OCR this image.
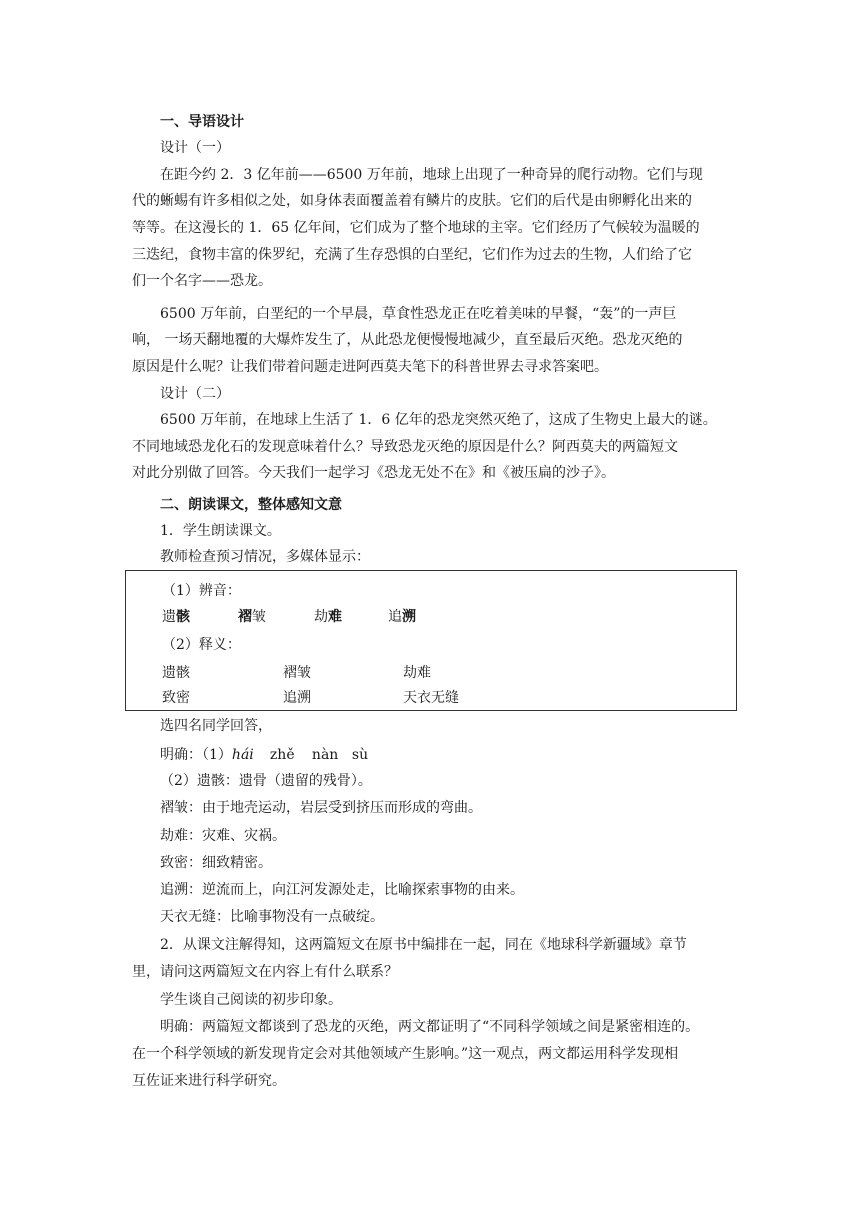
一、导语设计
设计（一）
在距今约 2．3 亿年前——6500 万年前，地球上出现了一种奇异的爬行动物。它们与现
代的蜥蜴有许多相似之处，如身体表面覆盖着有鳞片的皮肤。它们的后代是由卵孵化出来的
等等。在这漫长的 1．65 亿年间，它们成为了整个地球的主宰。它们经历了气候较为温暖的
三迭纪，食物丰富的侏罗纪，充满了生存恐惧的白垩纪，它们作为过去的生物，人们给了它
们一个名字——恐龙。
6500 万年前，白垩纪的一个早晨，草食性恐龙正在吃着美味的早餐，“轰”的一声巨
响， 一场天翻地覆的大爆炸发生了，从此恐龙便慢慢地减少，直至最后灭绝。恐龙灭绝的
原因是什么呢？让我们带着问题走进阿西莫夫笔下的科普世界去寻求答案吧。
设计（二）
6500 万年前，在地球上生活了 1．6 亿年的恐龙突然灭绝了，这成了生物史上最大的谜。
不同地域恐龙化石的发现意味着什么？导致恐龙灭绝的原因是什么？阿西莫夫的两篇短文
对此分别做了回答。今天我们一起学习《恐龙无处不在》和《被压扁的沙子》。
二、朗读课文，整体感知文意
1．学生朗读课文。
教师检查预习情况，多媒体显示：
（1）辨音：
遗骸	褶皱	劫难	追溯
（2）释义：
遗骸	褶皱	劫难
致密	追溯	天衣无缝
选四名同学回答，
明确：（1）hái zhě nàn sù
（2）遗骸：遗骨（遗留的残骨）。
褶皱：由于地壳运动，岩层受到挤压而形成的弯曲。
劫难：灾难、灾祸。
致密：细致精密。
追溯：逆流而上，向江河发源处走，比喻探索事物的由来。
天衣无缝：比喻事物没有一点破绽。
2．从课文注解得知，这两篇短文在原书中编排在一起，同在《地球科学新疆域》章节
里，请问这两篇短文在内容上有什么联系？
学生谈自己阅读的初步印象。
明确：两篇短文都谈到了恐龙的灭绝，两文都证明了“不同科学领域之间是紧密相连的。
在一个科学领域的新发现肯定会对其他领域产生影响。”这一观点，两文都运用科学发现相
互佐证来进行科学研究。
